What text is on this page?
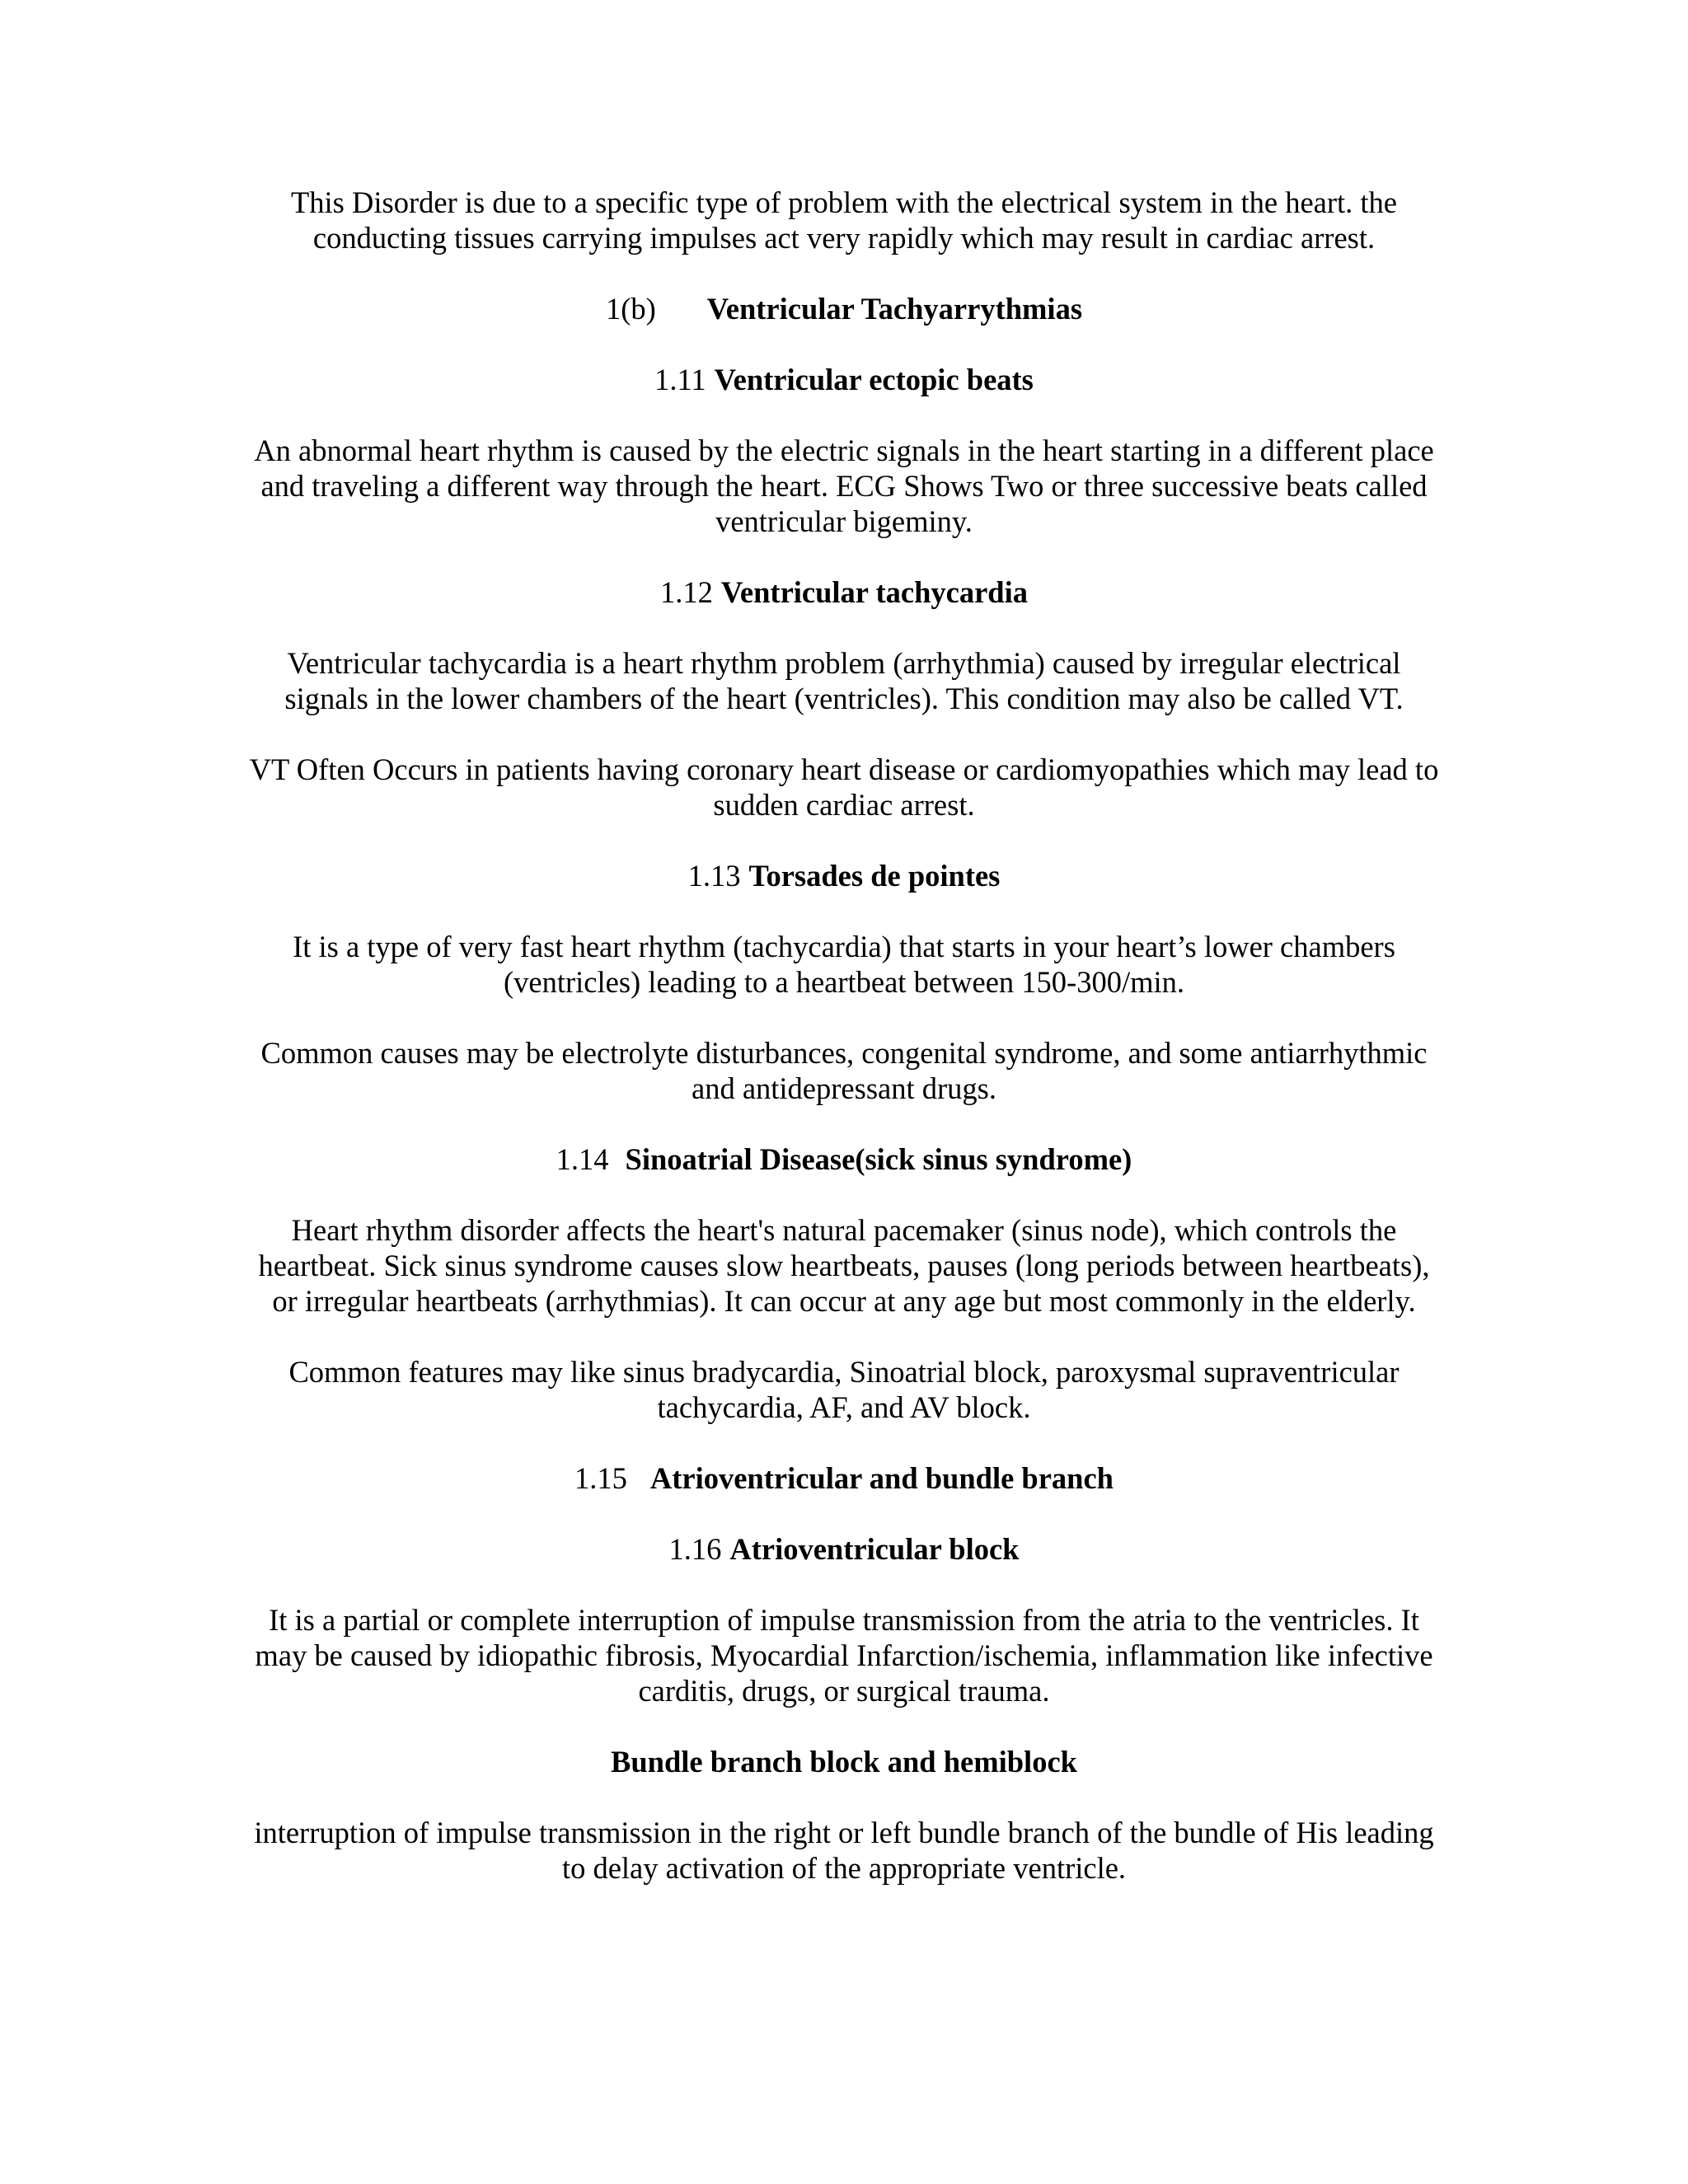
This Disorder is due to a specific type of problem with the electrical system in the heart. the conducting tissues carrying impulses act very rapidly which may result in cardiac arrest.

1(b) Ventricular Tachyarrythmias

1.11 Ventricular ectopic beats

An abnormal heart rhythm is caused by the electric signals in the heart starting in a different place and traveling a different way through the heart. ECG Shows Two or three successive beats called ventricular bigeminy.

1.12 Ventricular tachycardia

Ventricular tachycardia is a heart rhythm problem (arrhythmia) caused by irregular electrical signals in the lower chambers of the heart (ventricles). This condition may also be called VT.

VT Often Occurs in patients having coronary heart disease or cardiomyopathies which may lead to sudden cardiac arrest.

1.13 Torsades de pointes

It is a type of very fast heart rhythm (tachycardia) that starts in your heart’s lower chambers (ventricles) leading to a heartbeat between 150-300/min.

Common causes may be electrolyte disturbances, congenital syndrome, and some antiarrhythmic and antidepressant drugs.

1.14 Sinoatrial Disease(sick sinus syndrome)

Heart rhythm disorder affects the heart's natural pacemaker (sinus node), which controls the heartbeat. Sick sinus syndrome causes slow heartbeats, pauses (long periods between heartbeats), or irregular heartbeats (arrhythmias). It can occur at any age but most commonly in the elderly.

Common features may like sinus bradycardia, Sinoatrial block, paroxysmal supraventricular tachycardia, AF, and AV block.

1.15 Atrioventricular and bundle branch

1.16 Atrioventricular block

It is a partial or complete interruption of impulse transmission from the atria to the ventricles. It may be caused by idiopathic fibrosis, Myocardial Infarction/ischemia, inflammation like infective carditis, drugs, or surgical trauma.

Bundle branch block and hemiblock

interruption of impulse transmission in the right or left bundle branch of the bundle of His leading to delay activation of the appropriate ventricle.
